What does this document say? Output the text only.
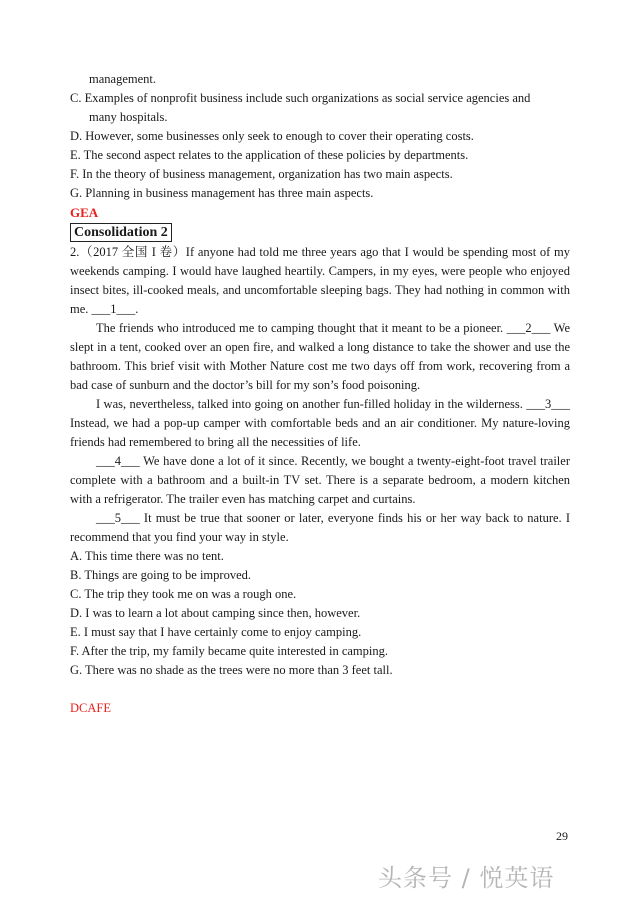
management.
C. Examples of nonprofit business include such organizations as social service agencies and
many hospitals.
D. However, some businesses only seek to enough to cover their operating costs.
E. The second aspect relates to the application of these policies by departments.
F. In the theory of business management, organization has two main aspects.
G. Planning in business management has three main aspects.
GEA
Consolidation 2

2.（2017 全国 I 卷）If anyone had told me three years ago that I would be spending most of my weekends camping. I would have laughed heartily. Campers, in my eyes, were people who enjoyed insect bites, ill-cooked meals, and uncomfortable sleeping bags. They had nothing in common with me. ___1___.

The friends who introduced me to camping thought that it meant to be a pioneer. ___2___ We slept in a tent, cooked over an open fire, and walked a long distance to take the shower and use the bathroom. This brief visit with Mother Nature cost me two days off from work, recovering from a bad case of sunburn and the doctor’s bill for my son’s food poisoning.

I was, nevertheless, talked into going on another fun-filled holiday in the wilderness. ___3___ Instead, we had a pop-up camper with comfortable beds and an air conditioner. My nature-loving friends had remembered to bring all the necessities of life.

___4___ We have done a lot of it since. Recently, we bought a twenty-eight-foot travel trailer complete with a bathroom and a built-in TV set. There is a separate bedroom, a modern kitchen with a refrigerator. The trailer even has matching carpet and curtains.

___5___ It must be true that sooner or later, everyone finds his or her way back to nature. I recommend that you find your way in style.

A. This time there was no tent.
B. Things are going to be improved.
C. The trip they took me on was a rough one.
D. I was to learn a lot about camping since then, however.
E. I must say that I have certainly come to enjoy camping.
F. After the trip, my family became quite interested in camping.
G. There was no shade as the trees were no more than 3 feet tall.
DCAFE
29
头条号 / 悦英语
